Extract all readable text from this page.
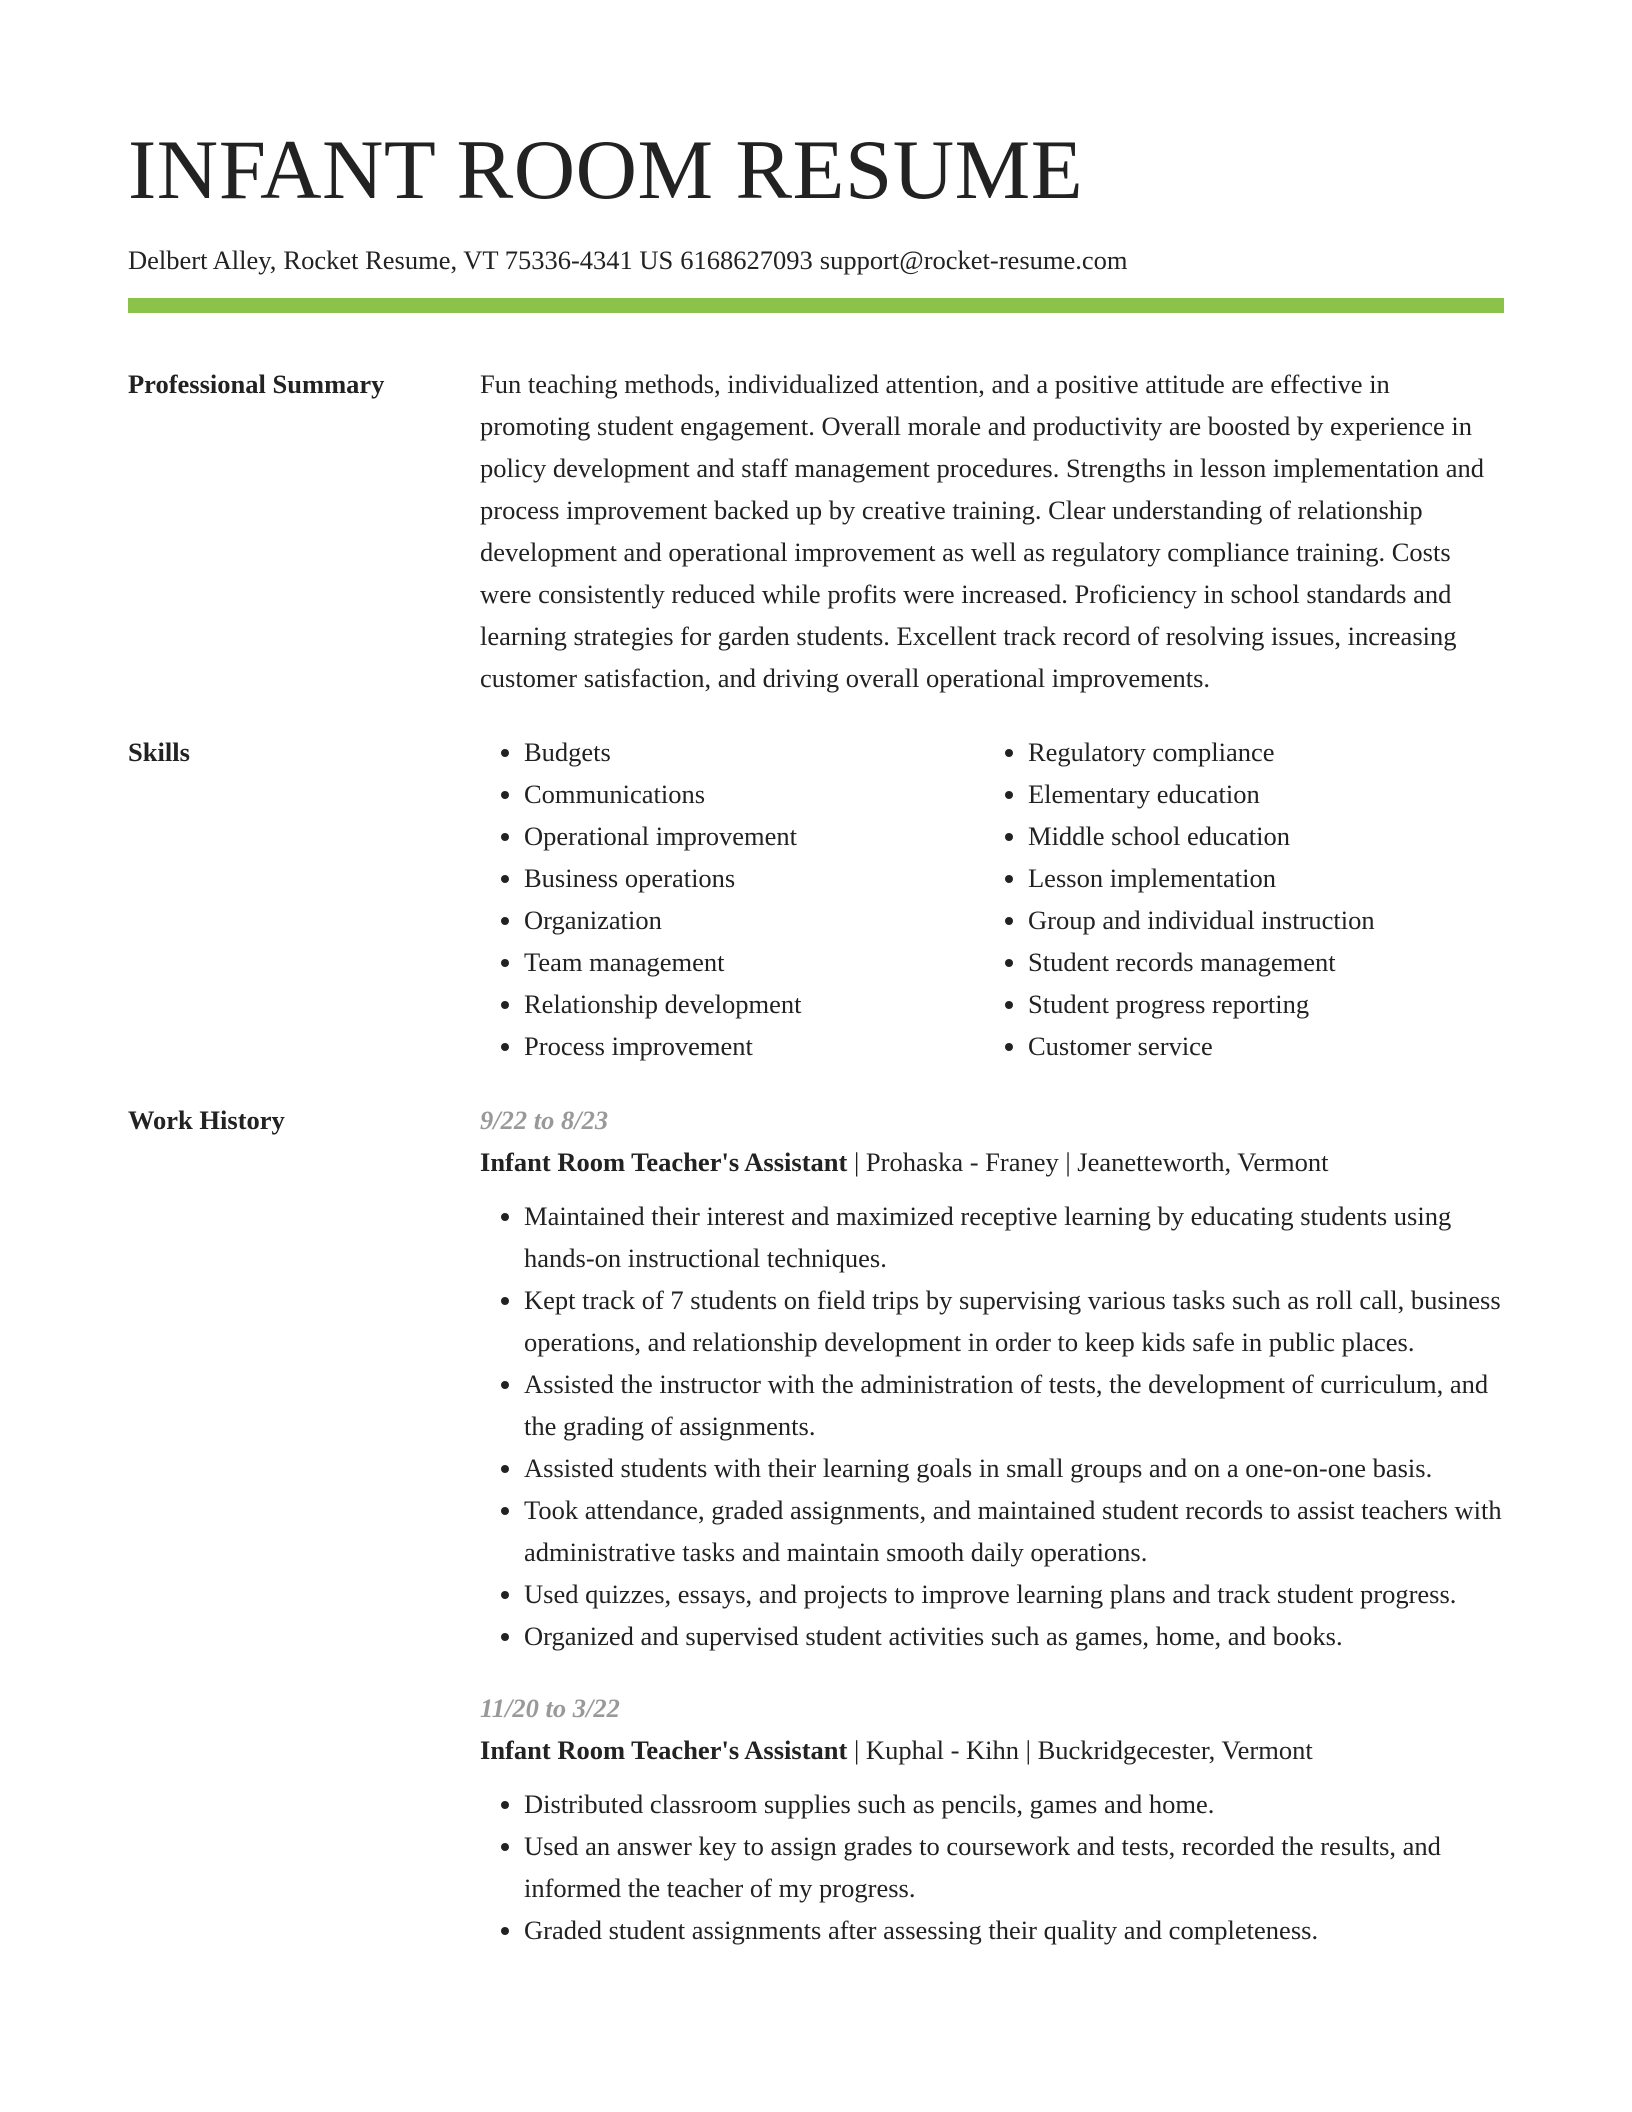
INFANT ROOM RESUME
Delbert Alley, Rocket Resume, VT 75336-4341 US 6168627093 support@rocket-resume.com
Professional Summary	Fun teaching methods, individualized attention, and a positive attitude are effective in promoting student engagement. Overall morale and productivity are boosted by experience in policy development and staff management procedures. Strengths in lesson implementation and process improvement backed up by creative training. Clear understanding of relationship development and operational improvement as well as regulatory compliance training. Costs were consistently reduced while profits were increased. Proficiency in school standards and learning strategies for garden students. Excellent track record of resolving issues, increasing customer satisfaction, and driving overall operational improvements.

Skills
•	Budgets
• Communications
• Operational improvement
• Business operations
• Organization
• Team management
• Relationship development
• Process improvement
• Regulatory compliance
• Elementary education
• Middle school education
• Lesson implementation
• Group and individual instruction
• Student records management
• Student progress reporting
• Customer service
Work History	9/22 to 8/23
Infant Room Teacher's Assistant | Prohaska - Franey | Jeanetteworth, Vermont
• Maintained their interest and maximized receptive learning by educating students using hands-on instructional techniques.
• Kept track of 7 students on field trips by supervising various tasks such as roll call, business operations, and relationship development in order to keep kids safe in public places.
• Assisted the instructor with the administration of tests, the development of curriculum, and the grading of assignments.
• Assisted students with their learning goals in small groups and on a one-on-one basis.
• Took attendance, graded assignments, and maintained student records to assist teachers with administrative tasks and maintain smooth daily operations.
• Used quizzes, essays, and projects to improve learning plans and track student progress.
• Organized and supervised student activities such as games, home, and books.
11/20 to 3/22
Infant Room Teacher's Assistant | Kuphal - Kihn | Buckridgecester, Vermont
• Distributed classroom supplies such as pencils, games and home.
• Used an answer key to assign grades to coursework and tests, recorded the results, and informed the teacher of my progress.
• Graded student assignments after assessing their quality and completeness.
